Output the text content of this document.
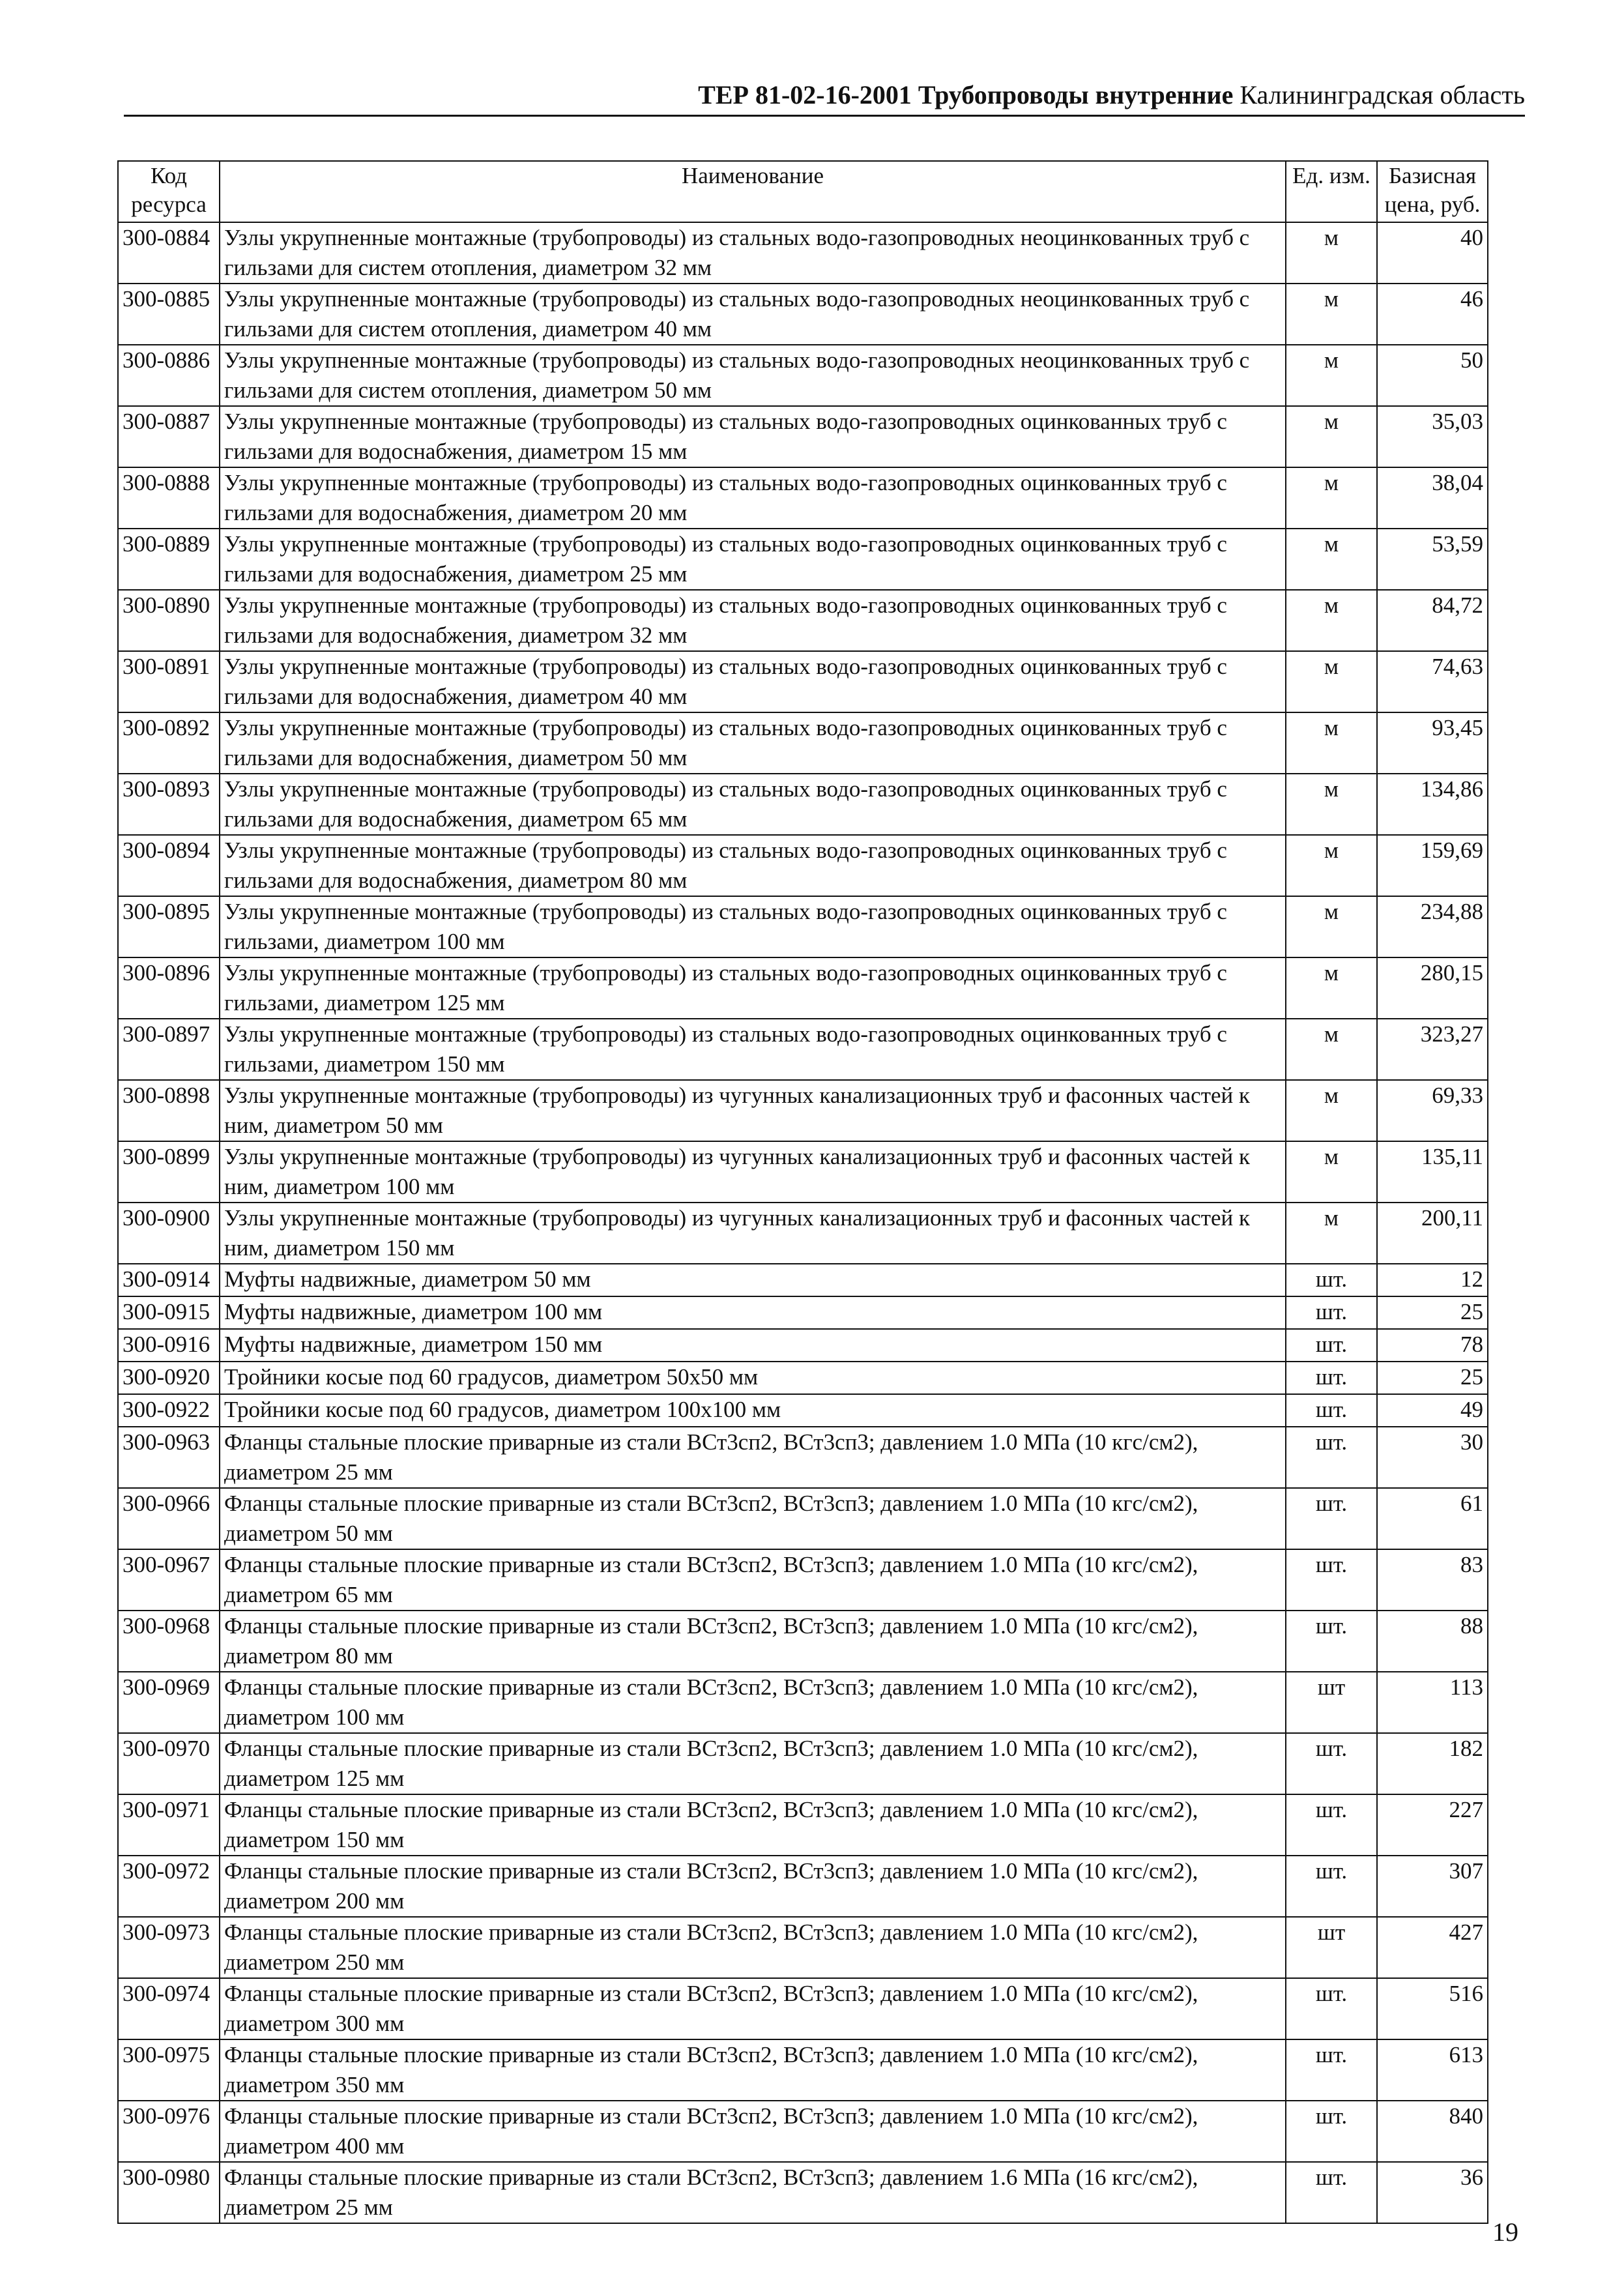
ТЕР 81-02-16-2001 Трубопроводы внутренние Калининградская область
Код ресурса	Наименование	Ед. изм.	Базисная цена, руб.
300-0884	Узлы укрупненные монтажные (трубопроводы) из стальных водо-газопроводных неоцинкованных труб с гильзами для систем отопления, диаметром 32 мм	м	40
300-0885	Узлы укрупненные монтажные (трубопроводы) из стальных водо-газопроводных неоцинкованных труб с гильзами для систем отопления, диаметром 40 мм	м	46
300-0886	Узлы укрупненные монтажные (трубопроводы) из стальных водо-газопроводных неоцинкованных труб с гильзами для систем отопления, диаметром 50 мм	м	50
300-0887	Узлы укрупненные монтажные (трубопроводы) из стальных водо-газопроводных оцинкованных труб с гильзами для водоснабжения, диаметром 15 мм	м	35,03
300-0888	Узлы укрупненные монтажные (трубопроводы) из стальных водо-газопроводных оцинкованных труб с гильзами для водоснабжения, диаметром 20 мм	м	38,04
300-0889	Узлы укрупненные монтажные (трубопроводы) из стальных водо-газопроводных оцинкованных труб с гильзами для водоснабжения, диаметром 25 мм	м	53,59
300-0890	Узлы укрупненные монтажные (трубопроводы) из стальных водо-газопроводных оцинкованных труб с гильзами для водоснабжения, диаметром 32 мм	м	84,72
300-0891	Узлы укрупненные монтажные (трубопроводы) из стальных водо-газопроводных оцинкованных труб с гильзами для водоснабжения, диаметром 40 мм	м	74,63
300-0892	Узлы укрупненные монтажные (трубопроводы) из стальных водо-газопроводных оцинкованных труб с гильзами для водоснабжения, диаметром 50 мм	м	93,45
300-0893	Узлы укрупненные монтажные (трубопроводы) из стальных водо-газопроводных оцинкованных труб с гильзами для водоснабжения, диаметром 65 мм	м	134,86
300-0894	Узлы укрупненные монтажные (трубопроводы) из стальных водо-газопроводных оцинкованных труб с гильзами для водоснабжения, диаметром 80 мм	м	159,69
300-0895	Узлы укрупненные монтажные (трубопроводы) из стальных водо-газопроводных оцинкованных труб с гильзами, диаметром 100 мм	м	234,88
300-0896	Узлы укрупненные монтажные (трубопроводы) из стальных водо-газопроводных оцинкованных труб с гильзами, диаметром 125 мм	м	280,15
300-0897	Узлы укрупненные монтажные (трубопроводы) из стальных водо-газопроводных оцинкованных труб с гильзами, диаметром 150 мм	м	323,27
300-0898	Узлы укрупненные монтажные (трубопроводы) из чугунных канализационных труб и фасонных частей к ним, диаметром 50 мм	м	69,33
300-0899	Узлы укрупненные монтажные (трубопроводы) из чугунных канализационных труб и фасонных частей к ним, диаметром 100 мм	м	135,11
300-0900	Узлы укрупненные монтажные (трубопроводы) из чугунных канализационных труб и фасонных частей к ним, диаметром 150 мм	м	200,11
300-0914	Муфты надвижные, диаметром 50 мм	шт.	12
300-0915	Муфты надвижные, диаметром 100 мм	шт.	25
300-0916	Муфты надвижные, диаметром 150 мм	шт.	78
300-0920	Тройники косые под 60 градусов, диаметром 50х50 мм	шт.	25
300-0922	Тройники косые под 60 градусов, диаметром 100х100 мм	шт.	49
300-0963	Фланцы стальные плоские приварные из стали ВСт3сп2, ВСт3сп3; давлением 1.0 МПа (10 кгс/см2), диаметром 25 мм	шт.	30
300-0966	Фланцы стальные плоские приварные из стали ВСт3сп2, ВСт3сп3; давлением 1.0 МПа (10 кгс/см2), диаметром 50 мм	шт.	61
300-0967	Фланцы стальные плоские приварные из стали ВСт3сп2, ВСт3сп3; давлением 1.0 МПа (10 кгс/см2), диаметром 65 мм	шт.	83
300-0968	Фланцы стальные плоские приварные из стали ВСт3сп2, ВСт3сп3; давлением 1.0 МПа (10 кгс/см2), диаметром 80 мм	шт.	88
300-0969	Фланцы стальные плоские приварные из стали ВСт3сп2, ВСт3сп3; давлением 1.0 МПа (10 кгс/см2), диаметром 100 мм	шт	113
300-0970	Фланцы стальные плоские приварные из стали ВСт3сп2, ВСт3сп3; давлением 1.0 МПа (10 кгс/см2), диаметром 125 мм	шт.	182
300-0971	Фланцы стальные плоские приварные из стали ВСт3сп2, ВСт3сп3; давлением 1.0 МПа (10 кгс/см2), диаметром 150 мм	шт.	227
300-0972	Фланцы стальные плоские приварные из стали ВСт3сп2, ВСт3сп3; давлением 1.0 МПа (10 кгс/см2), диаметром 200 мм	шт.	307
300-0973	Фланцы стальные плоские приварные из стали ВСт3сп2, ВСт3сп3; давлением 1.0 МПа (10 кгс/см2), диаметром 250 мм	шт	427
300-0974	Фланцы стальные плоские приварные из стали ВСт3сп2, ВСт3сп3; давлением 1.0 МПа (10 кгс/см2), диаметром 300 мм	шт.	516
300-0975	Фланцы стальные плоские приварные из стали ВСт3сп2, ВСт3сп3; давлением 1.0 МПа (10 кгс/см2), диаметром 350 мм	шт.	613
300-0976	Фланцы стальные плоские приварные из стали ВСт3сп2, ВСт3сп3; давлением 1.0 МПа (10 кгс/см2), диаметром 400 мм	шт.	840
300-0980	Фланцы стальные плоские приварные из стали ВСт3сп2, ВСт3сп3; давлением 1.6 МПа (16 кгс/см2), диаметром 25 мм	шт.	36
19
